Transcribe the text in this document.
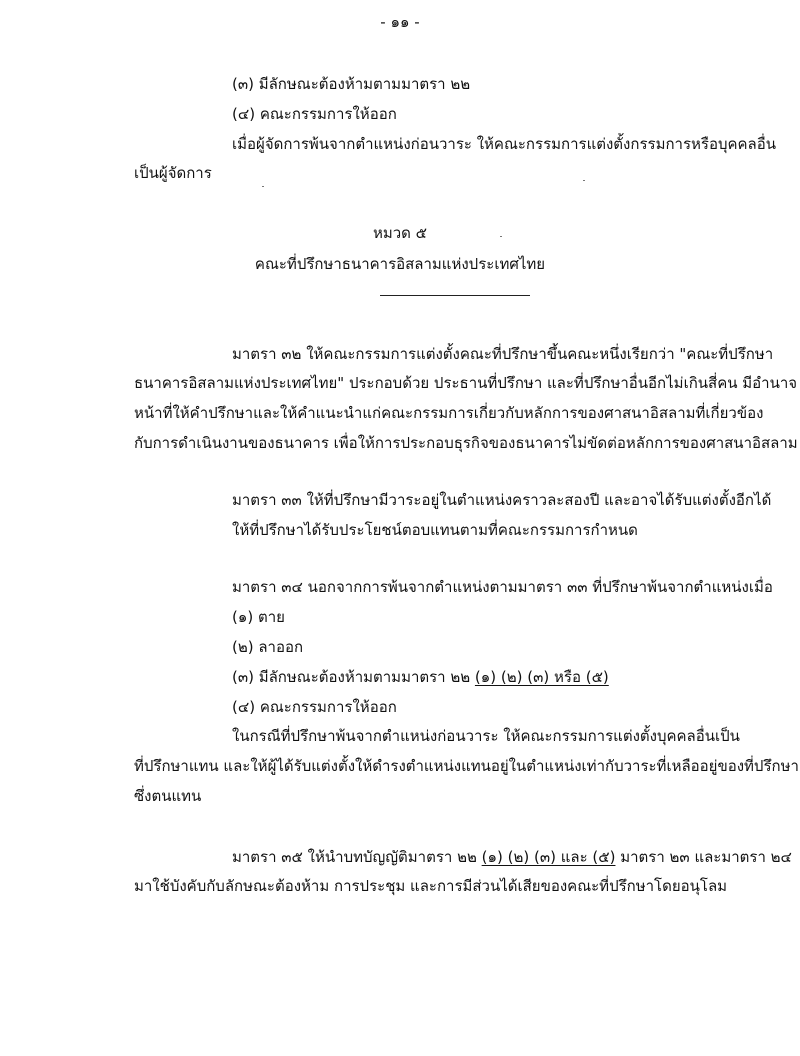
- ๑๑ -
(๓) มีลักษณะต้องห้ามตามมาตรา ๒๒
(๔) คณะกรรมการให้ออก
เมื่อผู้จัดการพ้นจากตำแหน่งก่อนวาระ ให้คณะกรรมการแต่งตั้งกรรมการหรือบุคคลอื่น
เป็นผู้จัดการ
หมวด ๕
คณะที่ปรึกษาธนาคารอิสลามแห่งประเทศไทย
มาตรา ๓๒ ให้คณะกรรมการแต่งตั้งคณะที่ปรึกษาขึ้นคณะหนึ่งเรียกว่า "คณะที่ปรึกษา
ธนาคารอิสลามแห่งประเทศไทย" ประกอบด้วย ประธานที่ปรึกษา และที่ปรึกษาอื่นอีกไม่เกินสี่คน มีอำนาจ
หน้าที่ให้คำปรึกษาและให้คำแนะนำแก่คณะกรรมการเกี่ยวกับหลักการของศาสนาอิสลามที่เกี่ยวข้อง
กับการดำเนินงานของธนาคาร เพื่อให้การประกอบธุรกิจของธนาคารไม่ขัดต่อหลักการของศาสนาอิสลาม
มาตรา ๓๓ ให้ที่ปรึกษามีวาระอยู่ในตำแหน่งคราวละสองปี และอาจได้รับแต่งตั้งอีกได้
ให้ที่ปรึกษาได้รับประโยชน์ตอบแทนตามที่คณะกรรมการกำหนด
มาตรา ๓๔ นอกจากการพ้นจากตำแหน่งตามมาตรา ๓๓ ที่ปรึกษาพ้นจากตำแหน่งเมื่อ
(๑) ตาย
(๒) ลาออก
(๓) มีลักษณะต้องห้ามตามมาตรา ๒๒ (๑) (๒) (๓) หรือ (๕)
(๔) คณะกรรมการให้ออก
ในกรณีที่ปรึกษาพ้นจากตำแหน่งก่อนวาระ ให้คณะกรรมการแต่งตั้งบุคคลอื่นเป็น
ที่ปรึกษาแทน และให้ผู้ได้รับแต่งตั้งให้ดำรงตำแหน่งแทนอยู่ในตำแหน่งเท่ากับวาระที่เหลืออยู่ของที่ปรึกษา
ซึ่งตนแทน
มาตรา ๓๕ ให้นำบทบัญญัติมาตรา ๒๒ (๑) (๒) (๓) และ (๕) มาตรา ๒๓ และมาตรา ๒๔
มาใช้บังคับกับลักษณะต้องห้าม การประชุม และการมีส่วนได้เสียของคณะที่ปรึกษาโดยอนุโลม
